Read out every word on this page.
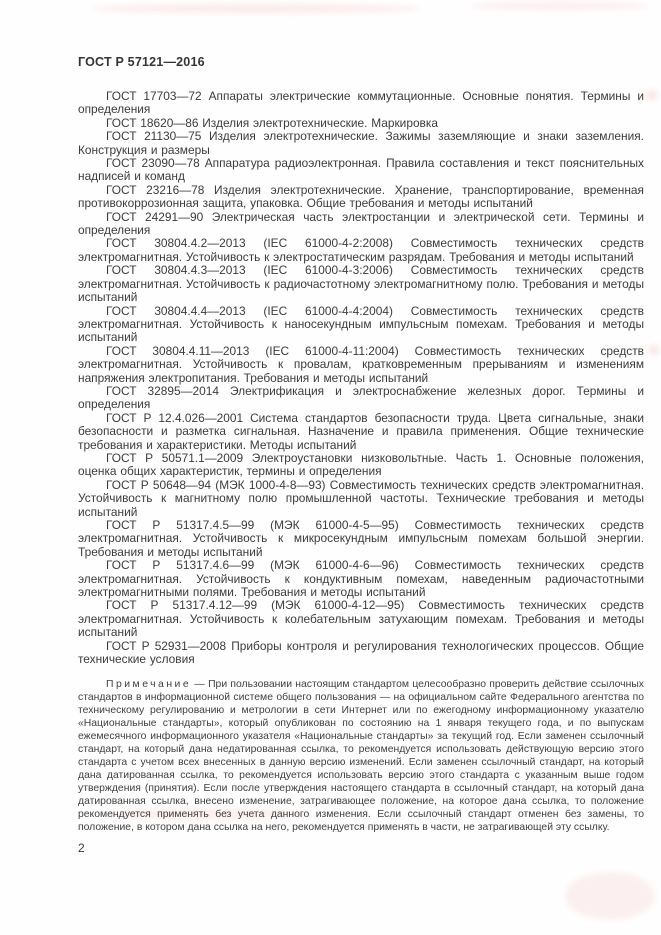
ГОСТ Р 57121—2016

ГОСТ 17703—72 Аппараты электрические коммутационные. Основные понятия. Термины и определения

ГОСТ 18620—86 Изделия электротехнические. Маркировка

ГОСТ 21130—75 Изделия электротехнические. Зажимы заземляющие и знаки заземления. Конструкция и размеры

ГОСТ 23090—78 Аппаратура радиоэлектронная. Правила составления и текст пояснительных надписей и команд

ГОСТ 23216—78 Изделия электротехнические. Хранение, транспортирование, временная противокоррозионная защита, упаковка. Общие требования и методы испытаний

ГОСТ 24291—90 Электрическая часть электростанции и электрической сети. Термины и определения

ГОСТ 30804.4.2—2013 (IEC 61000-4-2:2008) Совместимость технических средств электромагнитная. Устойчивость к электростатическим разрядам. Требования и методы испытаний

ГОСТ 30804.4.3—2013 (IEC 61000-4-3:2006) Совместимость технических средств электромагнитная. Устойчивость к радиочастотному электромагнитному полю. Требования и методы испытаний

ГОСТ 30804.4.4—2013 (IEC 61000-4-4:2004) Совместимость технических средств электромагнитная. Устойчивость к наносекундным импульсным помехам. Требования и методы испытаний

ГОСТ 30804.4.11—2013 (IEC 61000-4-11:2004) Совместимость технических средств электромагнитная. Устойчивость к провалам, кратковременным прерываниям и изменениям напряжения электропитания. Требования и методы испытаний

ГОСТ 32895—2014 Электрификация и электроснабжение железных дорог. Термины и определения

ГОСТ Р 12.4.026—2001 Система стандартов безопасности труда. Цвета сигнальные, знаки безопасности и разметка сигнальная. Назначение и правила применения. Общие технические требования и характеристики. Методы испытаний

ГОСТ Р 50571.1—2009 Электроустановки низковольтные. Часть 1. Основные положения, оценка общих характеристик, термины и определения

ГОСТ Р 50648—94 (МЭК 1000-4-8—93) Совместимость технических средств электромагнитная. Устойчивость к магнитному полю промышленной частоты. Технические требования и методы испытаний

ГОСТ Р 51317.4.5—99 (МЭК 61000-4-5—95) Совместимость технических средств электромагнитная. Устойчивость к микросекундным импульсным помехам большой энергии. Требования и методы испытаний

ГОСТ Р 51317.4.6—99 (МЭК 61000-4-6—96) Совместимость технических средств электромагнитная. Устойчивость к кондуктивным помехам, наведенным радиочастотными электромагнитными полями. Требования и методы испытаний

ГОСТ Р 51317.4.12—99 (МЭК 61000-4-12—95) Совместимость технических средств электромагнитная. Устойчивость к колебательным затухающим помехам. Требования и методы испытаний

ГОСТ Р 52931—2008 Приборы контроля и регулирования технологических процессов. Общие технические условия

Примечание — При пользовании настоящим стандартом целесообразно проверить действие ссылочных стандартов в информационной системе общего пользования — на официальном сайте Федерального агентства по техническому регулированию и метрологии в сети Интернет или по ежегодному информационному указателю «Национальные стандарты», который опубликован по состоянию на 1 января текущего года, и по выпускам ежемесячного информационного указателя «Национальные стандарты» за текущий год. Если заменен ссылочный стандарт, на который дана недатированная ссылка, то рекомендуется использовать действующую версию этого стандарта с учетом всех внесенных в данную версию изменений. Если заменен ссылочный стандарт, на который дана датированная ссылка, то рекомендуется использовать версию этого стандарта с указанным выше годом утверждения (принятия). Если после утверждения настоящего стандарта в ссылочный стандарт, на который дана датированная ссылка, внесено изменение, затрагивающее положение, на которое дана ссылка, то положение рекомендуется применять без учета данного изменения. Если ссылочный стандарт отменен без замены, то положение, в котором дана ссылка на него, рекомендуется применять в части, не затрагивающей эту ссылку.

2
